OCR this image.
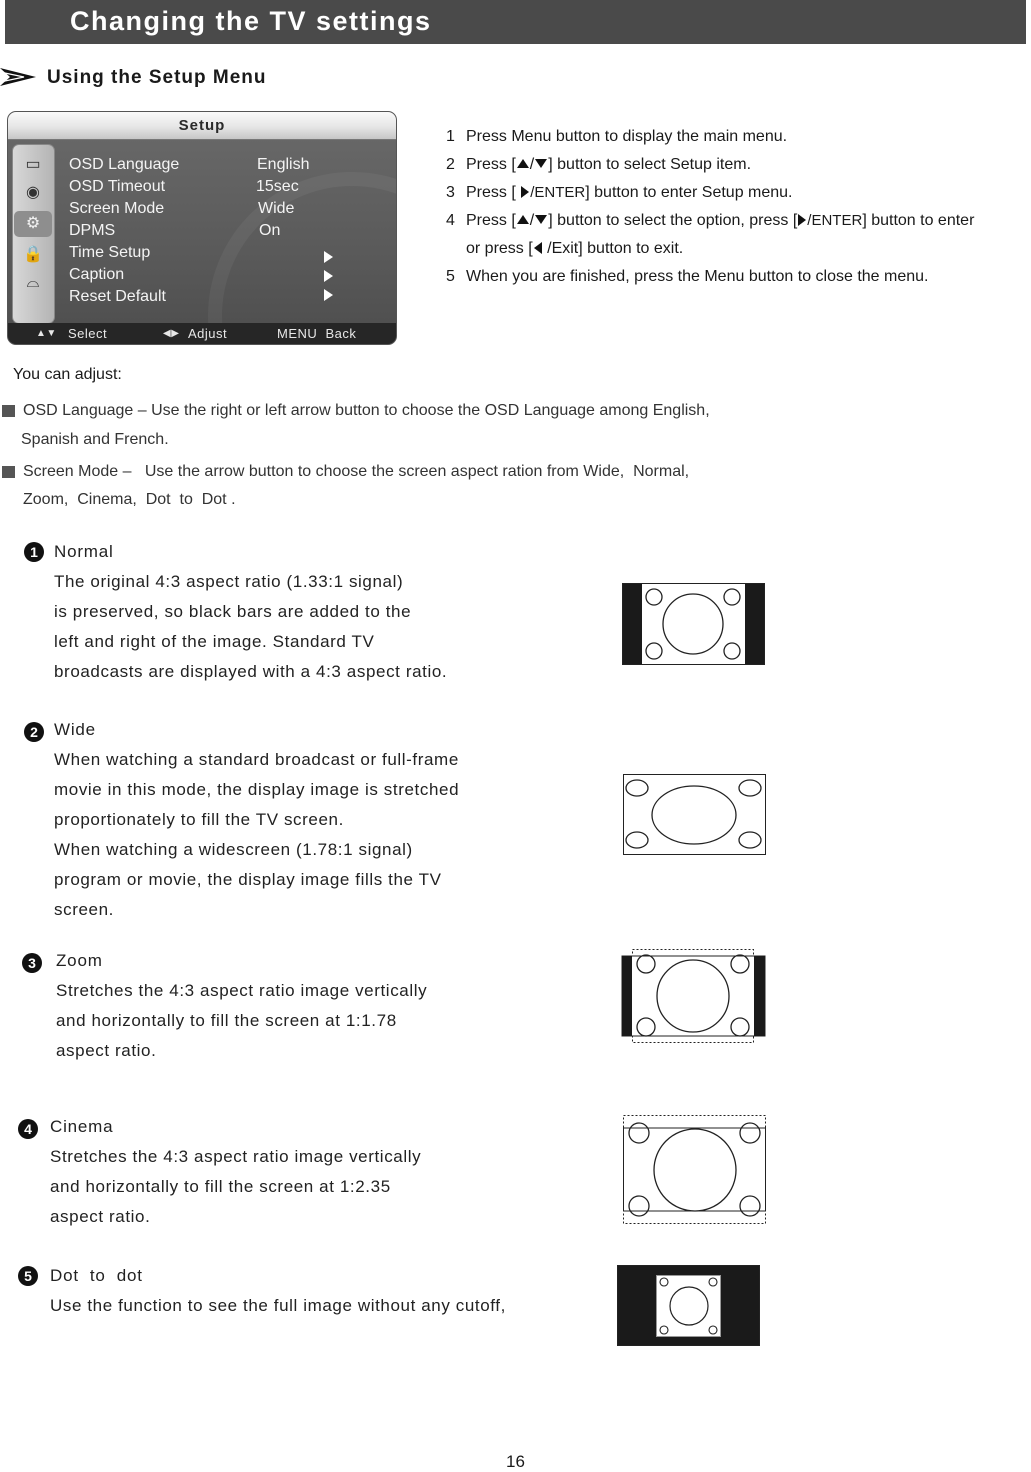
Changing the TV settings
Using the Setup Menu
Setup
▭
◉
⚙
🔒
⌓
OSD Language	English
OSD Timeout	15sec
Screen Mode	Wide
DPMS	On
Time Setup
Caption
Reset Default
▲▼ Select	◀▶ Adjust	MENU  Back
1 Press Menu button to display the main menu.
2 Press [ / ] button to select Setup item.
3 Press [ /ENTER] button to enter Setup menu.
4 Press [ / ] button to select the option, press [ /ENTER] button to enter
or press [ /Exit] button to exit.
5 When you are finished, press the Menu button to close the menu.
You can adjust:
OSD Language – Use the right or left arrow button to choose the OSD Language among English,
Spanish and French.
Screen Mode –   Use the arrow button to choose the screen aspect ration from Wide,  Normal,
Zoom,  Cinema,  Dot  to  Dot .
1 Normal
The original 4:3 aspect ratio (1.33:1 signal)
is preserved, so black bars are added to the
left and right of the image. Standard TV
broadcasts are displayed with a 4:3 aspect ratio.
2 Wide
When watching a standard broadcast or full-frame
movie in this mode, the display image is stretched
proportionately to fill the TV screen.
When watching a widescreen (1.78:1 signal)
program or movie, the display image fills the TV
screen.
3	Zoom
Stretches the 4:3 aspect ratio image vertically
and horizontally to fill the screen at 1:1.78
aspect ratio.
4	Cinema
Stretches the 4:3 aspect ratio image vertically
and horizontally to fill the screen at 1:2.35
aspect ratio.
5	Dot  to  dot
Use the function to see the full image without any cutoff,
16
